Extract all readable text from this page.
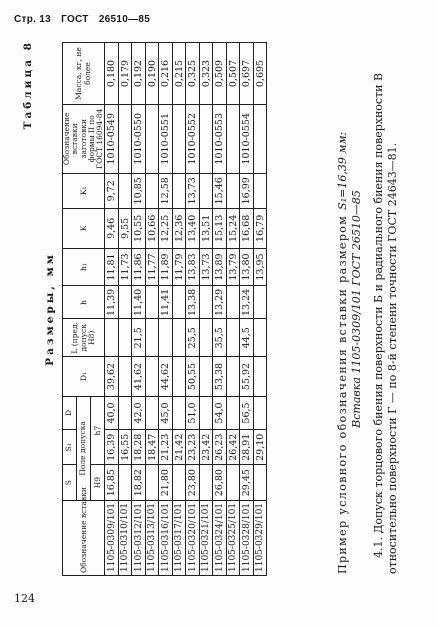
Стр. 13 ГОСТ 26510—85
124
Таблица 8
Размеры, мм
Обозначение вставки	S	S₁	D	D₁	L (пред. допуск H8)	h	h₁	K	K₁	Обозначение вставки заготовки формы II по ГОСТ 16094-84	Масса, кг, не более
	Поле допуска										
	H9	h7									
1105-0309/101	16,85	16,39	40,0	39,62		11,39	11,81	9,46	9,72	1010-0549	0,180
1105-0310/101		16,55					11,73	9,55			0,179
1105-0312/101	18,82	18,28	42,0	41,62	21,5	11,40	11,86	10,55	10,85	1010-0550	0,192
1105-0313/101		18,47					11,77	10,66			0,190
1105-0316/101	21,80	21,23	45,0	44,62		11,41	11,89	12,25	12,58	1010-0551	0,216
1105-0317/101		21,42					11,79	12,36			0,215
1105-0320/101	23,80	23,23	51,0	50,55	25,5	13,38	13,83	13,40	13,73	1010-0552	0,325
1105-0321/101		23,42					13,73	13,51			0,323
1105-0324/101	26,80	26,23	54,0	53,38	35,5	13,29	13,89	15,13	15,46	1010-0553	0,509
1105-0325/101		26,42					13,79	15,24			0,507
1105-0328/101	29,45	28,91	56,5	55,92	44,5	13,24	13,80	16,68	16,99	1010-0554	0,697
1105-0329/101		29,10					13,95	16,79			0,695
Пример условного обозначения вставки размером S₁=16,39 мм:
Вставка 1105-0309/101 ГОСТ 26510—85 4.1. Допуск торцового биения поверхности Б и радиального биения поверхности В относительно поверхности Г — по 8-й степени точности ГОСТ 24643—81.
